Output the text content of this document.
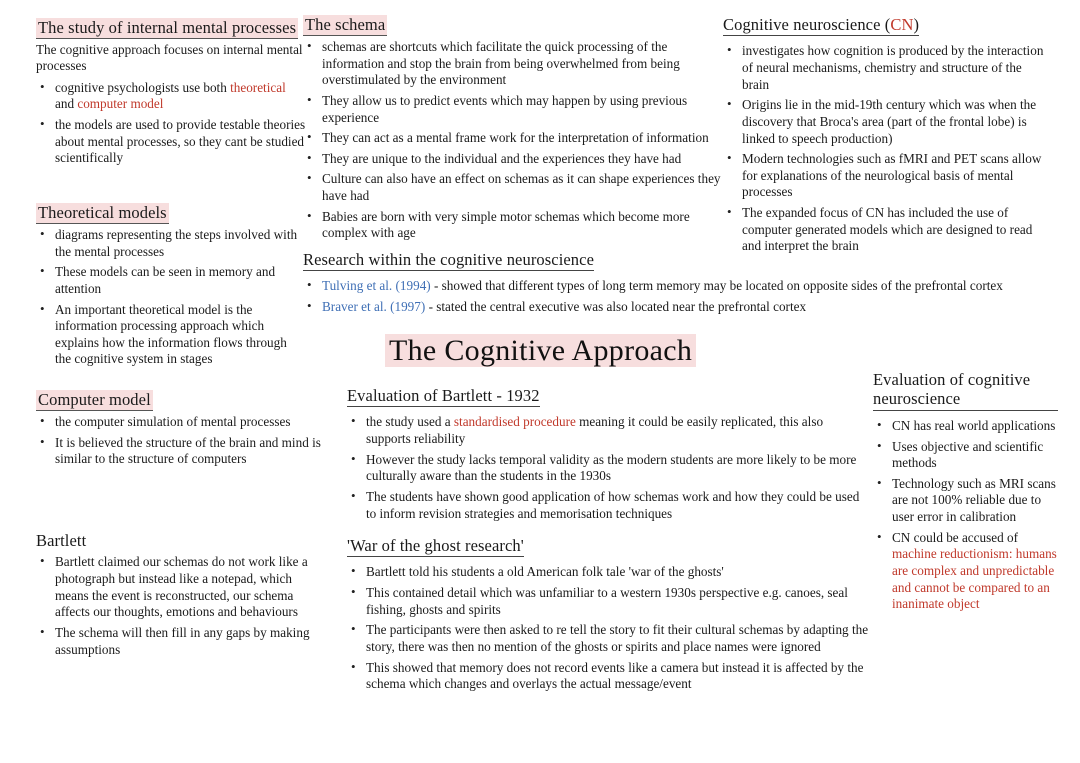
The study of internal mental processes
The cognitive approach focuses on internal mental processes
• cognitive psychologists use both theoretical and computer model
• the models are used to provide testable theories about mental processes, so they cant be studied scientifically
Theoretical models
• diagrams representing the steps involved with the mental processes
• These models can be seen in memory and attention
• An important theoretical model is the information processing approach which explains how the information flows through the cognitive system in stages
Computer model
• the computer simulation of mental processes
• It is believed the structure of the brain and mind is similar to the structure of computers
Bartlett
• Bartlett claimed our schemas do not work like a photograph but instead like a notepad, which means the event is reconstructed, our schema affects our thoughts, emotions and behaviours
• The schema will then fill in any gaps by making assumptions
The schema
• schemas are shortcuts which facilitate the quick processing of the information and stop the brain from being overwhelmed from being overstimulated by the environment
• They allow us to predict events which may happen by using previous experience
• They can act as a mental frame work for the interpretation of information
• They are unique to the individual and the experiences they have had
• Culture can also have an effect on schemas as it can shape experiences they have had
• Babies are born with very simple motor schemas which become more complex with age
Cognitive neuroscience (CN)
• investigates how cognition is produced by the interaction of neural mechanisms, chemistry and structure of the brain
• Origins lie in the mid-19th century which was when the discovery that Broca's area (part of the frontal lobe) is linked to speech production)
• Modern technologies such as fMRI and PET scans allow for explanations of the neurological basis of mental processes
• The expanded focus of CN has included the use of computer generated models which are designed to read and interpret the brain
Research within the cognitive neuroscience
• Tulving et al. (1994) - showed that different types of long term memory may be located on opposite sides of the prefrontal cortex
• Braver et al. (1997) - stated the central executive was also located near the prefrontal cortex
The Cognitive Approach
Evaluation of Bartlett - 1932
• the study used a standardised procedure meaning it could be easily replicated, this also supports reliability
• However the study lacks temporal validity as the modern students are more likely to be more culturally aware than the students in the 1930s
• The students have shown good application of how schemas work and how they could be used to inform revision strategies and memorisation techniques
'War of the ghost research'
• Bartlett told his students a old American folk tale 'war of the ghosts'
• This contained detail which was unfamiliar to a western 1930s perspective e.g. canoes, seal fishing, ghosts and spirits
• The participants were then asked to re tell the story to fit their cultural schemas by adapting the story, there was then no mention of the ghosts or spirits and place names were ignored
• This showed that memory does not record events like a camera but instead it is affected by the schema which changes and overlays the actual message/event
Evaluation of cognitive neuroscience
• CN has real world applications
• Uses objective and scientific methods
• Technology such as MRI scans are not 100% reliable due to user error in calibration
• CN could be accused of machine reductionism: humans are complex and unpredictable and cannot be compared to an inanimate object
